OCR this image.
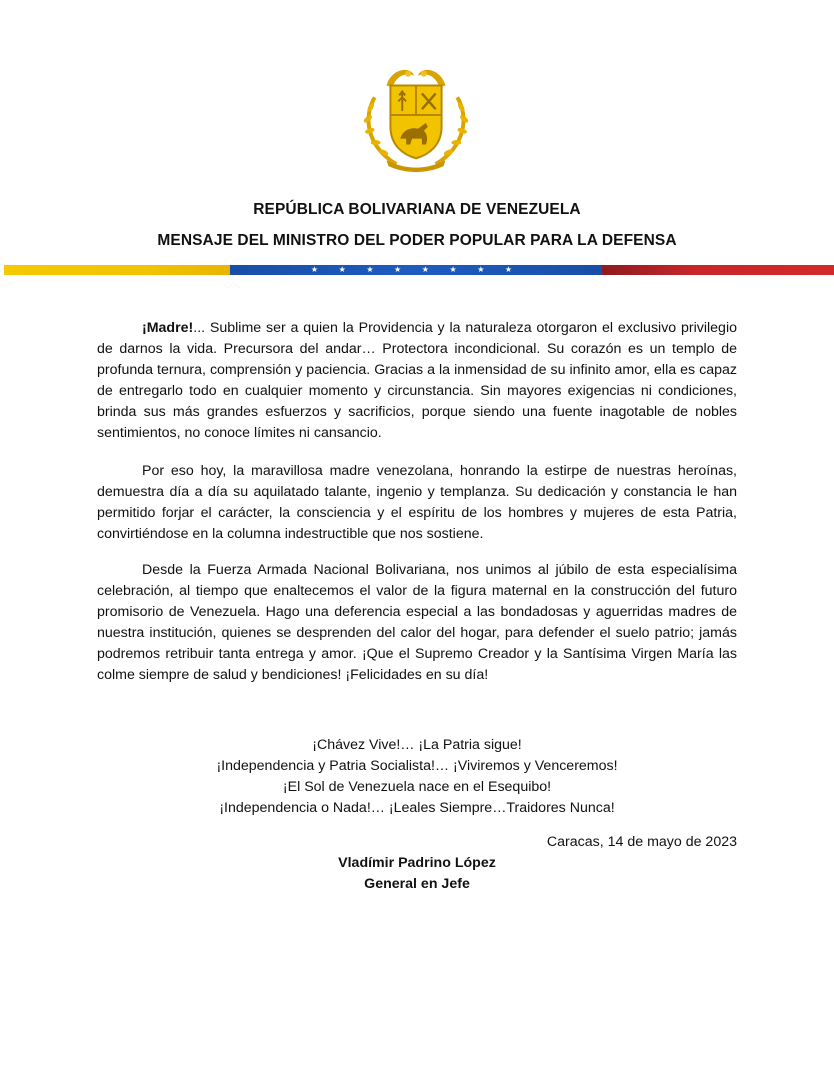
REPÚBLICA BOLIVARIANA DE VENEZUELA
MENSAJE DEL MINISTRO DEL PODER POPULAR PARA LA DEFENSA
★ ★ ★ ★ ★ ★ ★ ★

¡Madre!... Sublime ser a quien la Providencia y la naturaleza otorgaron el exclusivo privilegio de darnos la vida. Precursora del andar… Protectora incondicional. Su corazón es un templo de profunda ternura, comprensión y paciencia. Gracias a la inmensidad de su infinito amor, ella es capaz de entregarlo todo en cualquier momento y circunstancia. Sin mayores exigencias ni condiciones, brinda sus más grandes esfuerzos y sacrificios, porque siendo una fuente inagotable de nobles sentimientos, no conoce límites ni cansancio.

Por eso hoy, la maravillosa madre venezolana, honrando la estirpe de nuestras heroínas, demuestra día a día su aquilatado talante, ingenio y templanza. Su dedicación y constancia le han permitido forjar el carácter, la consciencia y el espíritu de los hombres y mujeres de esta Patria, convirtiéndose en la columna indestructible que nos sostiene.

Desde la Fuerza Armada Nacional Bolivariana, nos unimos al júbilo de esta especialísima celebración, al tiempo que enaltecemos el valor de la figura maternal en la construcción del futuro promisorio de Venezuela. Hago una deferencia especial a las bondadosas y aguerridas madres de nuestra institución, quienes se desprenden del calor del hogar, para defender el suelo patrio; jamás podremos retribuir tanta entrega y amor. ¡Que el Supremo Creador y la Santísima Virgen María las colme siempre de salud y bendiciones! ¡Felicidades en su día!

¡Chávez Vive!… ¡La Patria sigue!
¡Independencia y Patria Socialista!… ¡Viviremos y Venceremos!
¡El Sol de Venezuela nace en el Esequibo!
¡Independencia o Nada!… ¡Leales Siempre…Traidores Nunca!
Caracas, 14 de mayo de 2023
Vladímir Padrino López
General en Jefe
